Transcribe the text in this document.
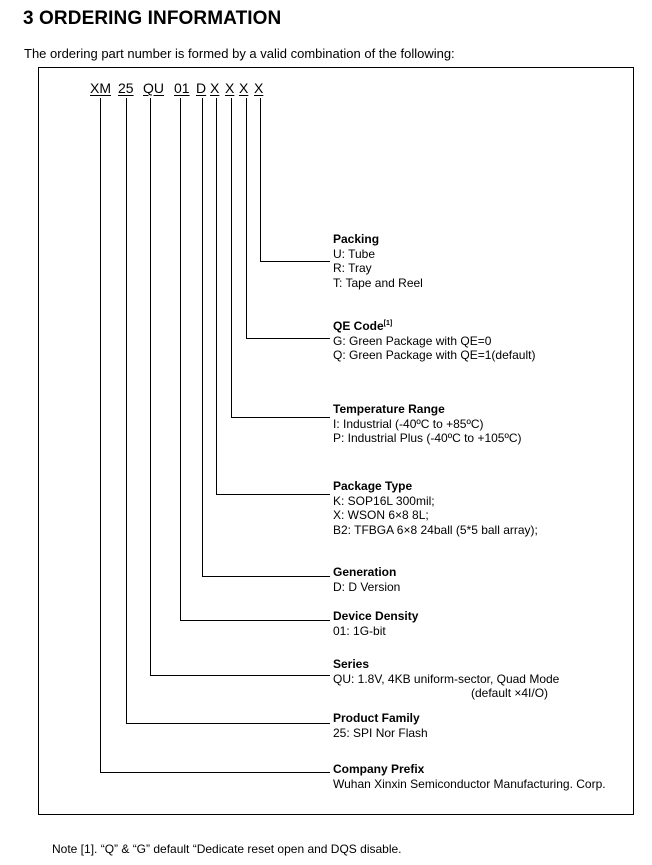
3 ORDERING INFORMATION
The ordering part number is formed by a valid combination of the following:
XM 25 QU 01 D X X X X
Packing
U: Tube
R: Tray
T: Tape and Reel
QE Code[1]
G: Green Package with QE=0
Q: Green Package with QE=1(default)
Temperature Range
I: Industrial (-40ºC to +85ºC)
P: Industrial Plus (-40ºC to +105ºC)
Package Type
K: SOP16L 300mil;
X: WSON 6×8 8L;
B2: TFBGA 6×8 24ball (5*5 ball array);
Generation
D: D Version
Device Density
01: 1G-bit
Series
QU: 1.8V, 4KB uniform-sector, Quad Mode
(default ×4I/O)
Product Family
25: SPI Nor Flash
Company Prefix
Wuhan Xinxin Semiconductor Manufacturing. Corp.
Note [1]. “Q” & “G” default “Dedicate reset open and DQS disable.
